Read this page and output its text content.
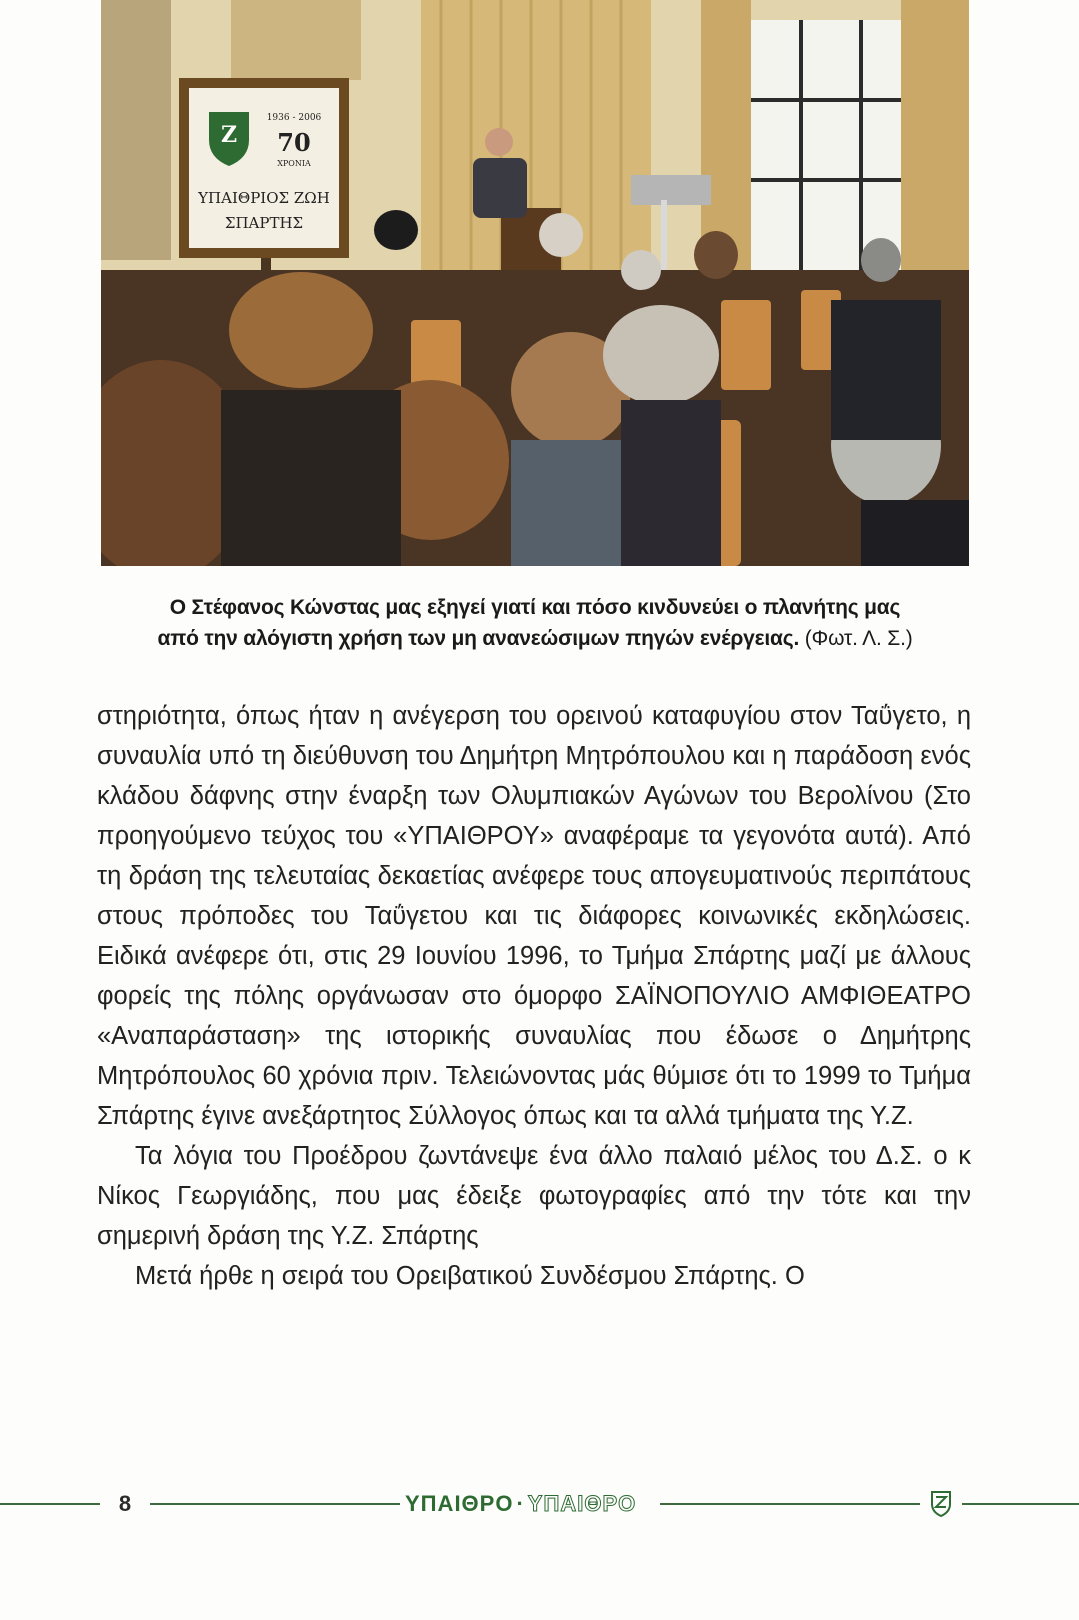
Ζ
1936 - 2006
70
ΧΡΟΝΙΑ
ΥΠΑΙΘΡΙΟΣ ΖΩΗ
ΣΠΑΡΤΗΣ
Ο Στέφανος Κώνστας μας εξηγεί γιατί και πόσο κινδυνεύει ο πλανήτης μας
από την αλόγιστη χρήση των μη ανανεώσιμων πηγών ενέργειας. (Φωτ. Λ. Σ.)

στηριότητα, όπως ήταν η ανέγερση του ορεινού καταφυγίου στον Ταΰγετο, η συναυλία υπό τη διεύθυνση του Δημήτρη Μητρόπουλου και η παράδοση ενός κλάδου δάφνης στην έναρξη των Ολυμπιακών Αγώνων του Βερολίνου (Στο προηγούμενο τεύχος του «ΥΠΑΙΘΡΟΥ» αναφέραμε τα γεγονότα αυτά). Από τη δράση της τελευταίας δεκαετίας ανέφερε τους απογευματινούς περιπάτους στους πρόποδες του Ταΰγετου και τις διάφορες κοινωνικές εκδηλώσεις. Ειδικά ανέφερε ότι, στις 29 Ιουνίου 1996, το Τμήμα Σπάρτης μαζί με άλλους φορείς της πόλης οργάνωσαν στο όμορφο ΣΑΪΝΟΠΟΥΛΙΟ ΑΜΦΙΘΕΑΤΡΟ «Αναπαράσταση» της ιστορικής συναυλίας που έδωσε ο Δημήτρης Μητρόπουλος 60 χρόνια πριν. Τελειώνοντας μάς θύμισε ότι το 1999 το Τμήμα Σπάρτης έγινε ανεξάρτητος Σύλλογος όπως και τα αλλά τμήματα της Υ.Ζ.

Τα λόγια του Προέδρου ζωντάνεψε ένα άλλο παλαιό μέλος του Δ.Σ. ο κ Νίκος Γεωργιάδης, που μας έδειξε φωτογραφίες από την τότε και την σημερινή δράση της Υ.Ζ. Σπάρτης

Μετά ήρθε η σειρά του Ορειβατικού Συνδέσμου Σπάρτης. Ο

8	ΥΠΑΙΘΡΟ · ΥΠΑΙΘΡΟ
